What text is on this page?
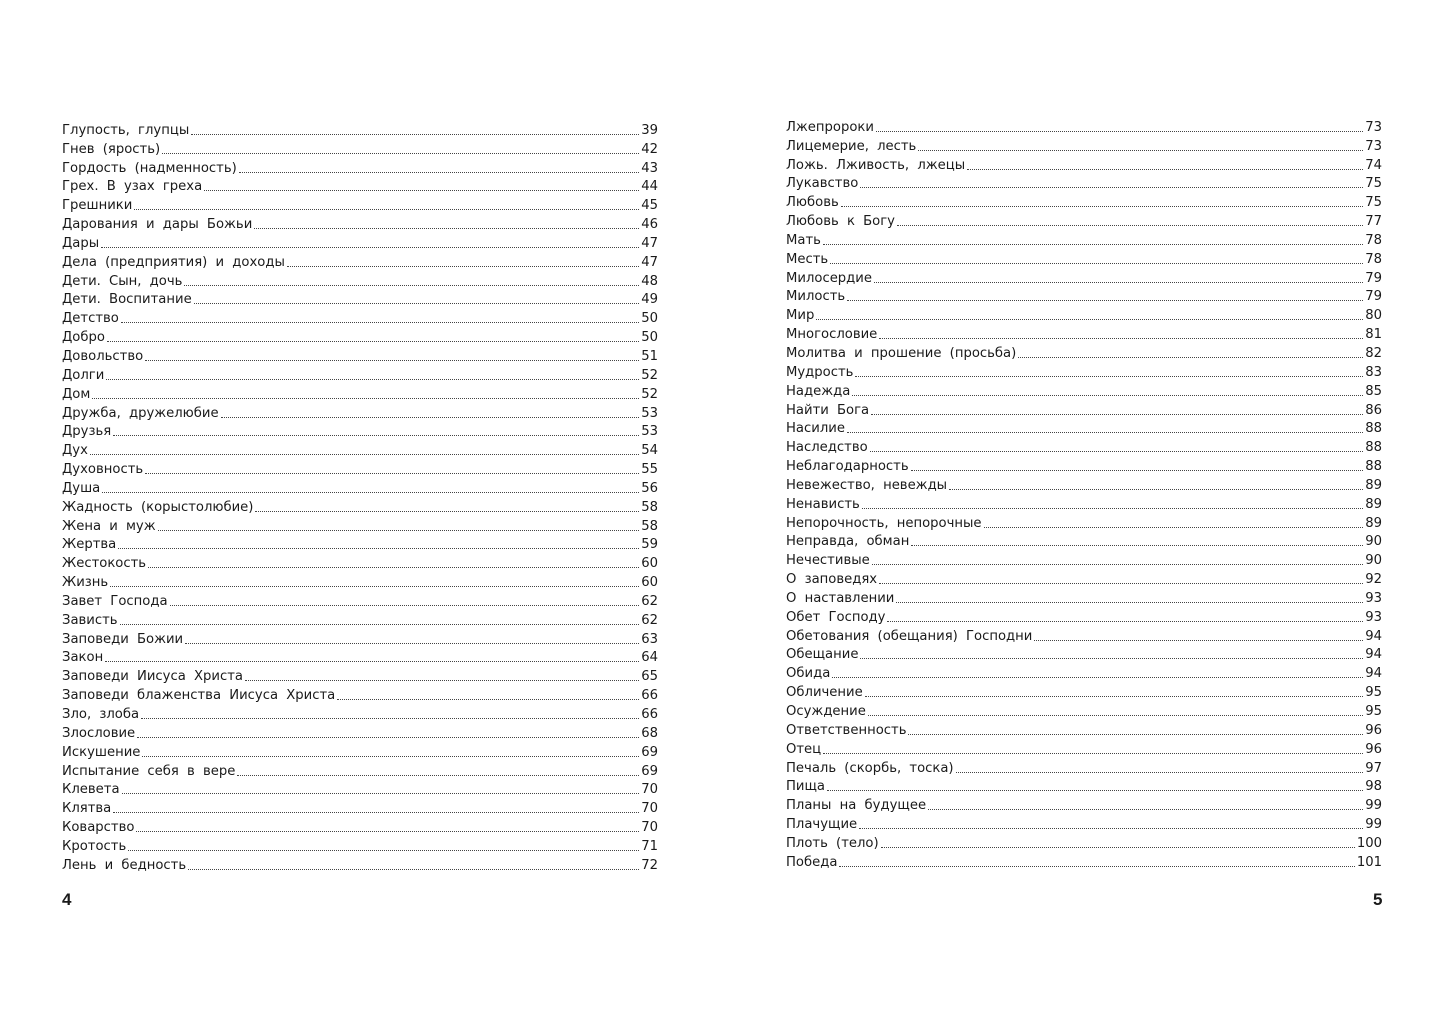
Глупость, глупцы	39
Гнев (ярость)	42
Гордость (надменность)	43
Грех. В узах греха	44
Грешники	45
Дарования и дары Божьи	46
Дары	47
Дела (предприятия) и доходы	47
Дети. Сын, дочь	48
Дети. Воспитание	49
Детство	50
Добро	50
Довольство	51
Долги	52
Дом	52
Дружба, дружелюбие	53
Друзья	53
Дух	54
Духовность	55
Душа	56
Жадность (корыстолюбие)	58
Жена и муж	58
Жертва	59
Жестокость	60
Жизнь	60
Завет Господа	62
Зависть	62
Заповеди Божии	63
Закон	64
Заповеди Иисуса Христа	65
Заповеди блаженства Иисуса Христа	66
Зло, злоба	66
Злословие	68
Искушение	69
Испытание себя в вере	69
Клевета	70
Клятва	70
Коварство	70
Кротость	71
Лень и бедность	72
Лжепророки	73
Лицемерие, лесть	73
Ложь. Лживость, лжецы	74
Лукавство	75
Любовь	75
Любовь к Богу	77
Мать	78
Месть	78
Милосердие	79
Милость	79
Мир	80
Многословие	81
Молитва и прошение (просьба)	82
Мудрость	83
Надежда	85
Найти Бога	86
Насилие	88
Наследство	88
Неблагодарность	88
Невежество, невежды	89
Ненависть	89
Непорочность, непорочные	89
Неправда, обман	90
Нечестивые	90
О заповедях	92
О наставлении	93
Обет Господу	93
Обетования (обещания) Господни	94
Обещание	94
Обида	94
Обличение	95
Осуждение	95
Ответственность	96
Отец	96
Печаль (скорбь, тоска)	97
Пища	98
Планы на будущее	99
Плачущие	99
Плоть (тело)	100
Победа	101
4	5
